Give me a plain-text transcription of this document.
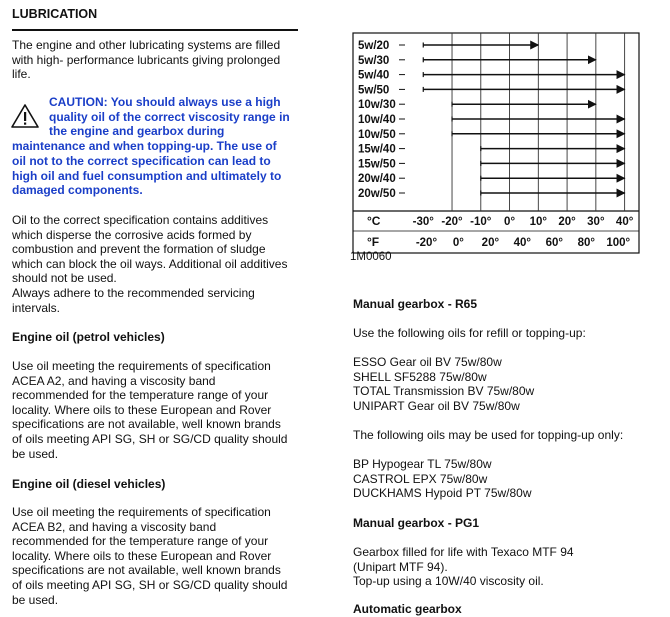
LUBRICATION
The engine and other lubricating systems are filled
with high- performance lubricants giving prolonged
life.
CAUTION: You should always use a high
quality oil of the correct viscosity range in
the engine and gearbox during
maintenance and when topping-up. The use of
oil not to the correct specification can lead to
high oil and fuel consumption and ultimately to
damaged components.
Oil to the correct specification contains additives
which disperse the corrosive acids formed by
combustion and prevent the formation of sludge
which can block the oil ways. Additional oil additives
should not be used.
Always adhere to the recommended servicing
intervals.
Engine oil (petrol vehicles)
Use oil meeting the requirements of specification
ACEA A2, and having a viscosity band
recommended for the temperature range of your
locality. Where oils to these European and Rover
specifications are not available, well known brands
of oils meeting API SG, SH or SG/CD quality should
be used.
Engine oil (diesel vehicles)
Use oil meeting the requirements of specification
ACEA B2, and having a viscosity band
recommended for the temperature range of your
locality. Where oils to these European and Rover
specifications are not available, well known brands
of oils meeting API SG, SH or SG/CD quality should
be used.
5w/20
5w/30
5w/40
5w/50
10w/30
10w/40
10w/50
15w/40
15w/50
20w/40
20w/50
°C	-30° -20° -10° 0° 10° 20° 30° 40°
°F	-20° 0° 20° 40° 60° 80° 100°
1M0060
Manual gearbox - R65
Use the following oils for refill or topping-up:
ESSO Gear oil BV 75w/80w
SHELL SF5288 75w/80w
TOTAL Transmission BV 75w/80w
UNIPART Gear oil BV 75w/80w
The following oils may be used for topping-up only:
BP Hypogear TL 75w/80w
CASTROL EPX 75w/80w
DUCKHAMS Hypoid PT 75w/80w
Manual gearbox - PG1
Gearbox filled for life with Texaco MTF 94
(Unipart MTF 94).
Top-up using a 10W/40 viscosity oil.
Automatic gearbox
